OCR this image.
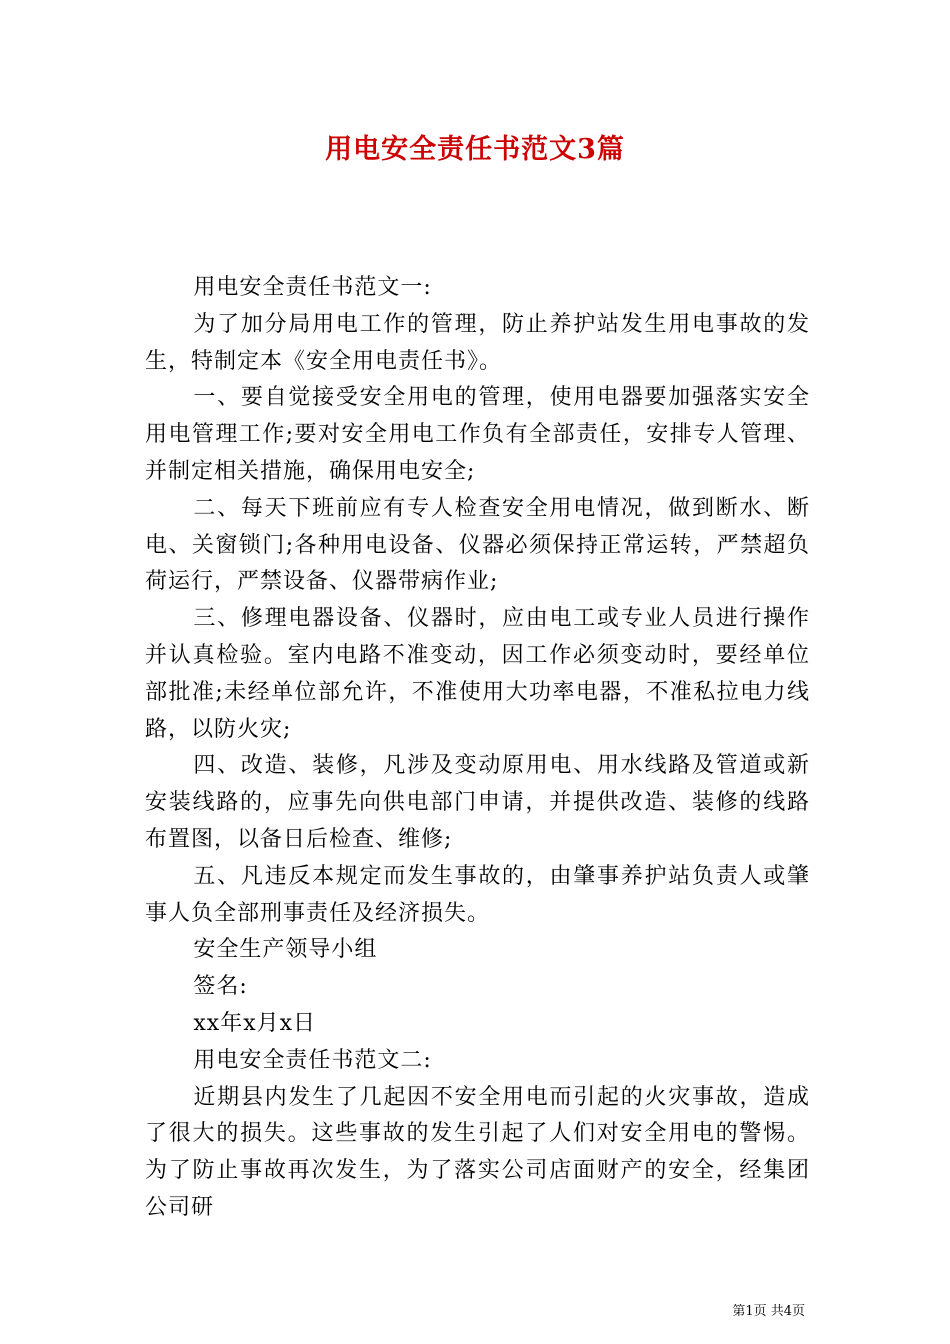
用电安全责任书范文3篇

用电安全责任书范文一:

为了加分局用电工作的管理，防止养护站发生用电事故的发生，特制定本《安全用电责任书》。

一、要自觉接受安全用电的管理，使用电器要加强落实安全用电管理工作;要对安全用电工作负有全部责任，安排专人管理、并制定相关措施，确保用电安全;

二、每天下班前应有专人检查安全用电情况，做到断水、断电、关窗锁门;各种用电设备、仪器必须保持正常运转，严禁超负荷运行，严禁设备、仪器带病作业;

三、修理电器设备、仪器时，应由电工或专业人员进行操作并认真检验。室内电路不准变动，因工作必须变动时，要经单位部批准;未经单位部允许，不准使用大功率电器，不准私拉电力线路，以防火灾;

四、改造、装修，凡涉及变动原用电、用水线路及管道或新安装线路的，应事先向供电部门申请，并提供改造、装修的线路布置图，以备日后检查、维修;

五、凡违反本规定而发生事故的，由肇事养护站负责人或肇事人负全部刑事责任及经济损失。

安全生产领导小组

签名:

xx年x月x日

用电安全责任书范文二:

近期县内发生了几起因不安全用电而引起的火灾事故，造成了很大的损失。这些事故的发生引起了人们对安全用电的警惕。为了防止事故再次发生，为了落实公司店面财产的安全，经集团公司研

第1页 共4页
